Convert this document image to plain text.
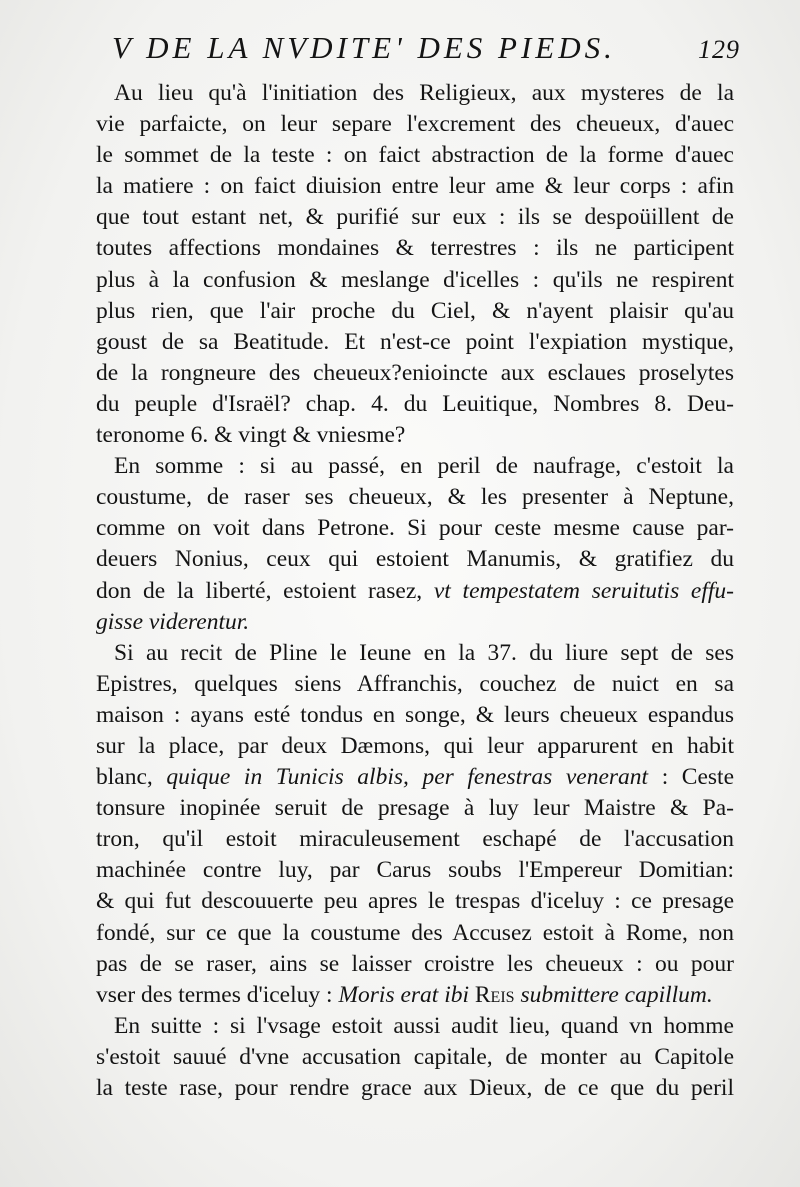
V DE LA NVDITE' DES PIEDS.	129
Au lieu qu'à l'initiation des Religieux, aux mysteres de la
vie parfaicte, on leur separe l'excrement des cheueux, d'auec
le sommet de la teste : on faict abstraction de la forme d'auec
la matiere : on faict diuision entre leur ame & leur corps : afin
que tout estant net, & purifié sur eux : ils se despoüillent de
toutes affections mondaines & terrestres : ils ne participent
plus à la confusion & meslange d'icelles : qu'ils ne respirent
plus rien, que l'air proche du Ciel, & n'ayent plaisir qu'au
goust de sa Beatitude. Et n'est-ce point l'expiation mystique,
de la rongneure des cheueux?enioincte aux esclaues proselytes
du peuple d'Israël? chap. 4. du Leuitique, Nombres 8. Deu-
teronome 6. & vingt & vniesme?
En somme : si au passé, en peril de naufrage, c'estoit la
coustume, de raser ses cheueux, & les presenter à Neptune,
comme on voit dans Petrone. Si pour ceste mesme cause par-
deuers Nonius, ceux qui estoient Manumis, & gratifiez du
don de la liberté, estoient rasez, vt tempestatem seruitutis effu-
gisse viderentur.
Si au recit de Pline le Ieune en la 37. du liure sept de ses
Epistres, quelques siens Affranchis, couchez de nuict en sa
maison : ayans esté tondus en songe, & leurs cheueux espandus
sur la place, par deux Dæmons, qui leur apparurent en habit
blanc, quique in Tunicis albis, per fenestras venerant : Ceste
tonsure inopinée seruit de presage à luy leur Maistre & Pa-
tron, qu'il estoit miraculeusement eschapé de l'accusation
machinée contre luy, par Carus soubs l'Empereur Domitian:
& qui fut descouuerte peu apres le trespas d'iceluy : ce presage
fondé, sur ce que la coustume des Accusez estoit à Rome, non
pas de se raser, ains se laisser croistre les cheueux : ou pour
vser des termes d'iceluy : Moris erat ibi Reis submittere capillum.
En suitte : si l'vsage estoit aussi audit lieu, quand vn homme
s'estoit sauué d'vne accusation capitale, de monter au Capitole
la teste rase, pour rendre grace aux Dieux, de ce que du peril
